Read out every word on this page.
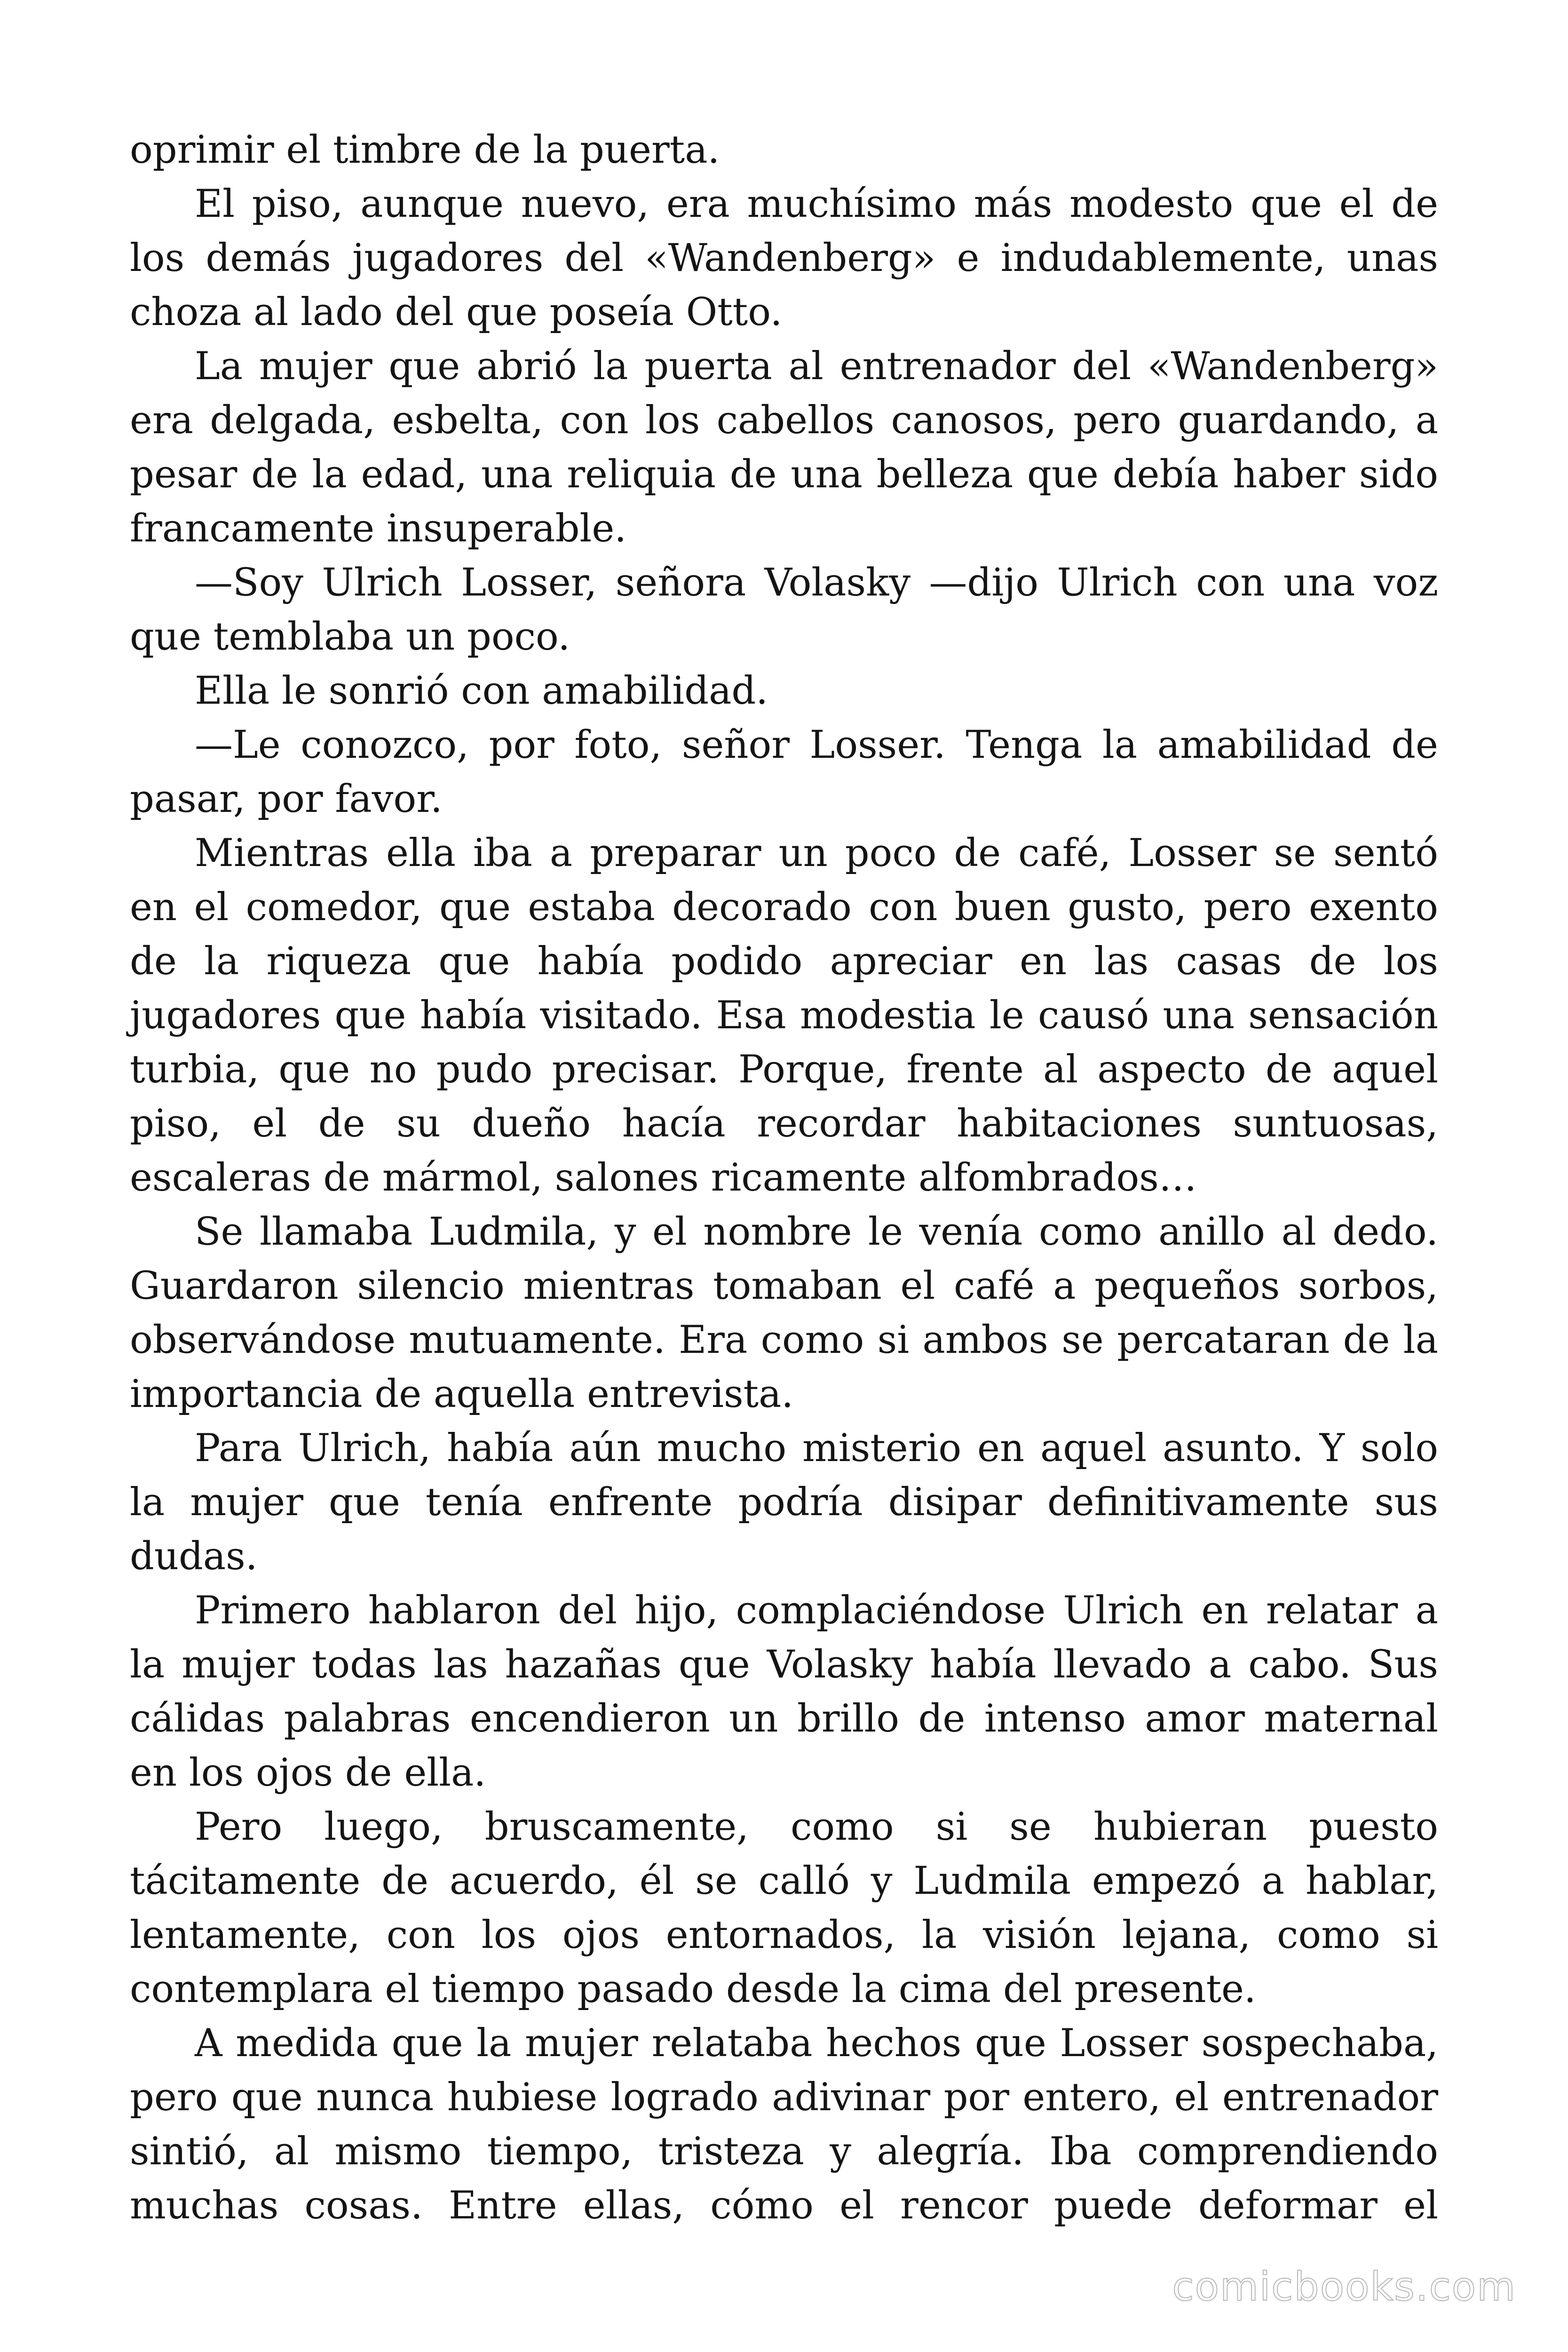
oprimir el timbre de la puerta.

El piso, aunque nuevo, era muchísimo más modesto que el de los demás jugadores del «Wandenberg» e indudablemente, unas choza al lado del que poseía Otto.

La mujer que abrió la puerta al entrenador del «Wandenberg» era delgada, esbelta, con los cabellos canosos, pero guardando, a pesar de la edad, una reliquia de una belleza que debía haber sido francamente insuperable.

—Soy Ulrich Losser, señora Volasky —dijo Ulrich con una voz que temblaba un poco.

Ella le sonrió con amabilidad.

—Le conozco, por foto, señor Losser. Tenga la amabilidad de pasar, por favor.

Mientras ella iba a preparar un poco de café, Losser se sentó en el comedor, que estaba decorado con buen gusto, pero exento de la riqueza que había podido apreciar en las casas de los jugadores que había visitado. Esa modestia le causó una sensación turbia, que no pudo precisar. Porque, frente al aspecto de aquel piso, el de su dueño hacía recordar habitaciones suntuosas, escaleras de mármol, salones ricamente alfombrados…

Se llamaba Ludmila, y el nombre le venía como anillo al dedo. Guardaron silencio mientras tomaban el café a pequeños sorbos, observándose mutuamente. Era como si ambos se percataran de la importancia de aquella entrevista.

Para Ulrich, había aún mucho misterio en aquel asunto. Y solo la mujer que tenía enfrente podría disipar definitivamente sus dudas.

Primero hablaron del hijo, complaciéndose Ulrich en relatar a la mujer todas las hazañas que Volasky había llevado a cabo. Sus cálidas palabras encendieron un brillo de intenso amor maternal en los ojos de ella.

Pero luego, bruscamente, como si se hubieran puesto tácitamente de acuerdo, él se calló y Ludmila empezó a hablar, lentamente, con los ojos entornados, la visión lejana, como si contemplara el tiempo pasado desde la cima del presente.

A medida que la mujer relataba hechos que Losser sospechaba, pero que nunca hubiese logrado adivinar por entero, el entrenador sintió, al mismo tiempo, tristeza y alegría. Iba comprendiendo muchas cosas. Entre ellas, cómo el rencor puede deformar el

comicbooks.com
